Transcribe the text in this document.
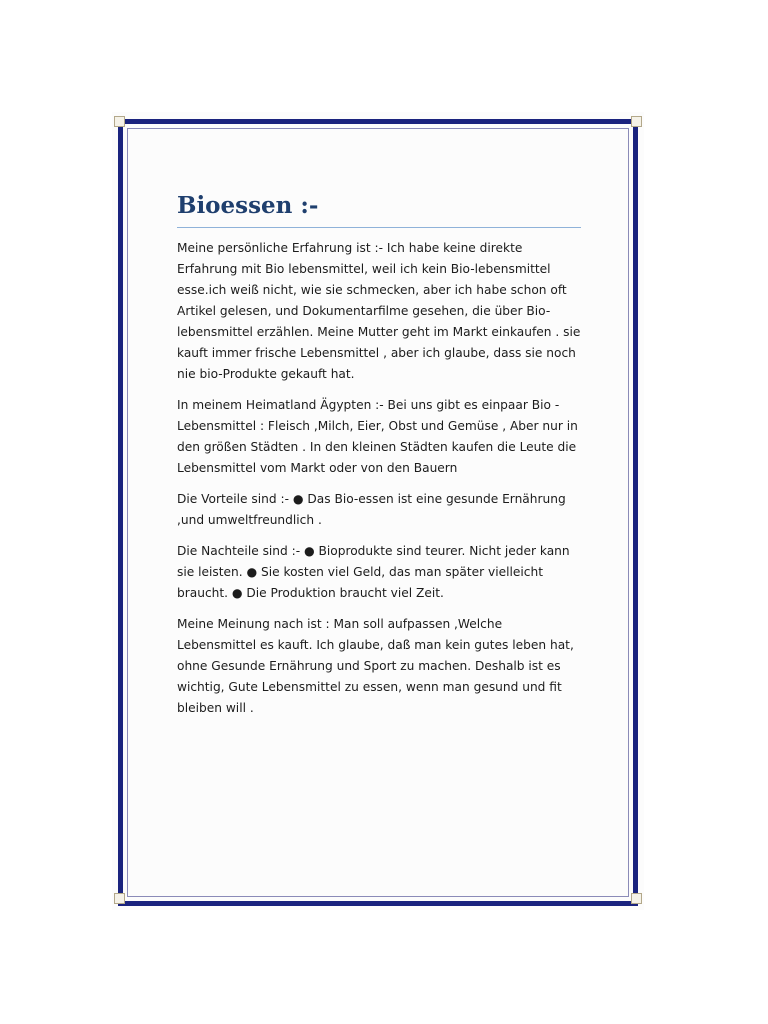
Bioessen :-

Meine persönliche Erfahrung ist :- Ich habe keine direkte Erfahrung mit Bio lebensmittel, weil ich kein Bio-lebensmittel esse.ich weiß nicht, wie sie schmecken, aber ich habe schon oft Artikel gelesen, und Dokumentarfilme gesehen, die über Bio-lebensmittel erzählen. Meine Mutter geht im Markt einkaufen . sie kauft immer frische Lebensmittel , aber ich glaube, dass sie noch nie bio-Produkte gekauft hat.

In meinem Heimatland Ägypten :- Bei uns gibt es einpaar Bio - Lebensmittel : Fleisch ,Milch, Eier, Obst und Gemüse , Aber nur in den größen Städten . In den kleinen Städten kaufen die Leute die Lebensmittel vom Markt oder von den Bauern

Die Vorteile sind :- ● Das Bio-essen ist eine gesunde Ernährung ,und umweltfreundlich .

Die Nachteile sind :- ● Bioprodukte sind teurer. Nicht jeder kann sie leisten. ● Sie kosten viel Geld, das man später vielleicht braucht. ● Die Produktion braucht viel Zeit.

Meine Meinung nach ist : Man soll aufpassen ,Welche Lebensmittel es kauft. Ich glaube, daß man kein gutes leben hat, ohne Gesunde Ernährung und Sport zu machen. Deshalb ist es wichtig, Gute Lebensmittel zu essen, wenn man gesund und fit bleiben will .
